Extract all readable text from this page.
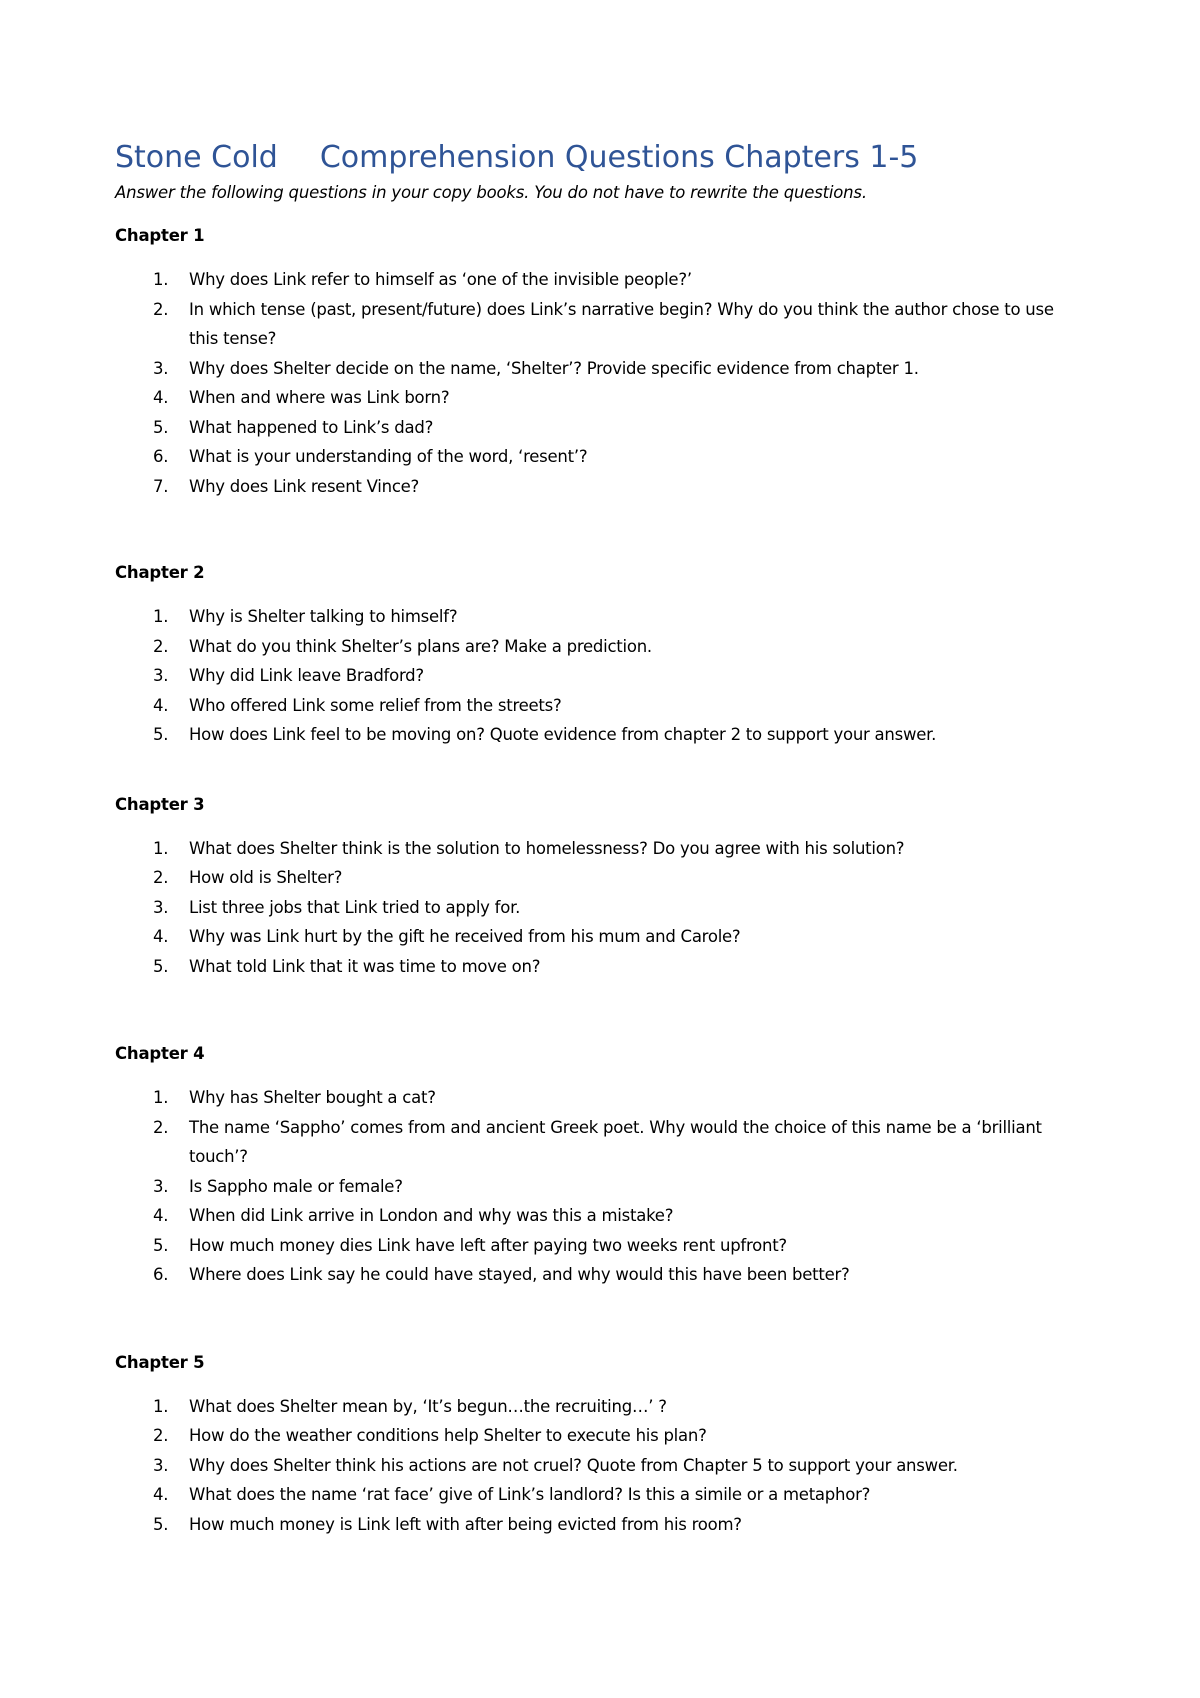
Stone Cold Comprehension Questions Chapters 1-5

Answer the following questions in your copy books. You do not have to rewrite the questions.

Chapter 1
1.	Why does Link refer to himself as ‘one of the invisible people?’
2.	In which tense (past, present/future) does Link’s narrative begin? Why do you think the author chose to use this tense?
3.	Why does Shelter decide on the name, ‘Shelter’? Provide specific evidence from chapter 1.
4.	When and where was Link born?
5.	What happened to Link’s dad?
6.	What is your understanding of the word, ‘resent’?
7.	Why does Link resent Vince?
Chapter 2
1.	Why is Shelter talking to himself?
2.	What do you think Shelter’s plans are? Make a prediction.
3.	Why did Link leave Bradford?
4.	Who offered Link some relief from the streets?
5.	How does Link feel to be moving on? Quote evidence from chapter 2 to support your answer.
Chapter 3
1.	What does Shelter think is the solution to homelessness? Do you agree with his solution?
2.	How old is Shelter?
3.	List three jobs that Link tried to apply for.
4.	Why was Link hurt by the gift he received from his mum and Carole?
5.	What told Link that it was time to move on?
Chapter 4
1.	Why has Shelter bought a cat?
2.	The name ‘Sappho’ comes from and ancient Greek poet. Why would the choice of this name be a ‘brilliant touch’?
3.	Is Sappho male or female?
4.	When did Link arrive in London and why was this a mistake?
5.	How much money dies Link have left after paying two weeks rent upfront?
6.	Where does Link say he could have stayed, and why would this have been better?
Chapter 5
1.	What does Shelter mean by, ‘It’s begun…the recruiting…’ ?
2.	How do the weather conditions help Shelter to execute his plan?
3.	Why does Shelter think his actions are not cruel? Quote from Chapter 5 to support your answer.
4.	What does the name ‘rat face’ give of Link’s landlord? Is this a simile or a metaphor?
5.	How much money is Link left with after being evicted from his room?
